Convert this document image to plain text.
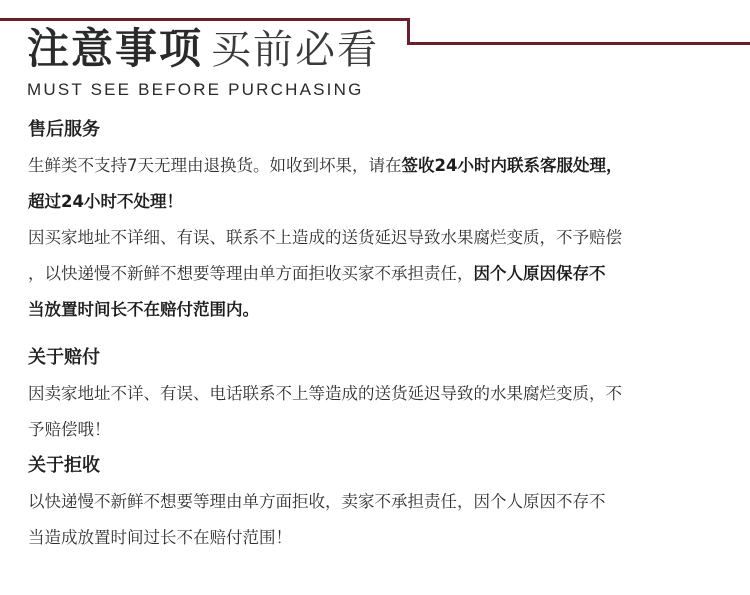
注意事项 买前必看
MUST SEE BEFORE PURCHASING
售后服务
生鲜类不支持7天无理由退换货。如收到坏果，请在签收24小时内联系客服处理，
超过24小时不处理！
因买家地址不详细、有误、联系不上造成的送货延迟导致水果腐烂变质，不予赔偿
，以快递慢不新鲜不想要等理由单方面拒收买家不承担责任，因个人原因保存不
当放置时间长不在赔付范围内。
关于赔付
因卖家地址不详、有误、电话联系不上等造成的送货延迟导致的水果腐烂变质，不
予赔偿哦！
关于拒收
以快递慢不新鲜不想要等理由单方面拒收，卖家不承担责任，因个人原因不存不
当造成放置时间过长不在赔付范围！
